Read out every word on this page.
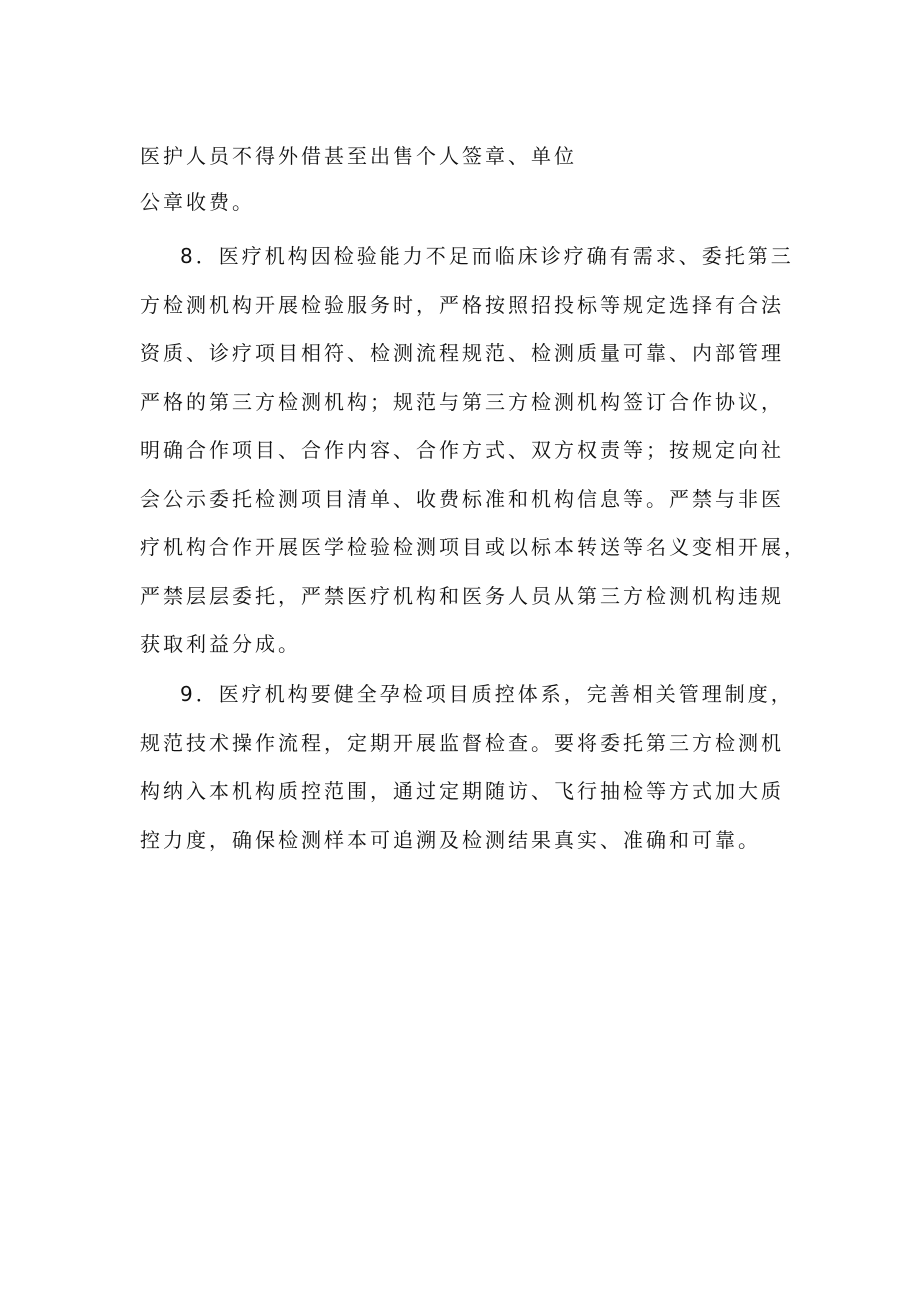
医护人员不得外借甚至出售个人签章、单位
公章收费。
8．医疗机构因检验能力不足而临床诊疗确有需求、委托第三
方检测机构开展检验服务时，严格按照招投标等规定选择有合法
资质、诊疗项目相符、检测流程规范、检测质量可靠、内部管理
严格的第三方检测机构；规范与第三方检测机构签订合作协议，
明确合作项目、合作内容、合作方式、双方权责等；按规定向社
会公示委托检测项目清单、收费标准和机构信息等。严禁与非医
疗机构合作开展医学检验检测项目或以标本转送等名义变相开展，
严禁层层委托，严禁医疗机构和医务人员从第三方检测机构违规
获取利益分成。
9．医疗机构要健全孕检项目质控体系，完善相关管理制度，
规范技术操作流程，定期开展监督检查。要将委托第三方检测机
构纳入本机构质控范围，通过定期随访、飞行抽检等方式加大质
控力度，确保检测样本可追溯及检测结果真实、准确和可靠。
